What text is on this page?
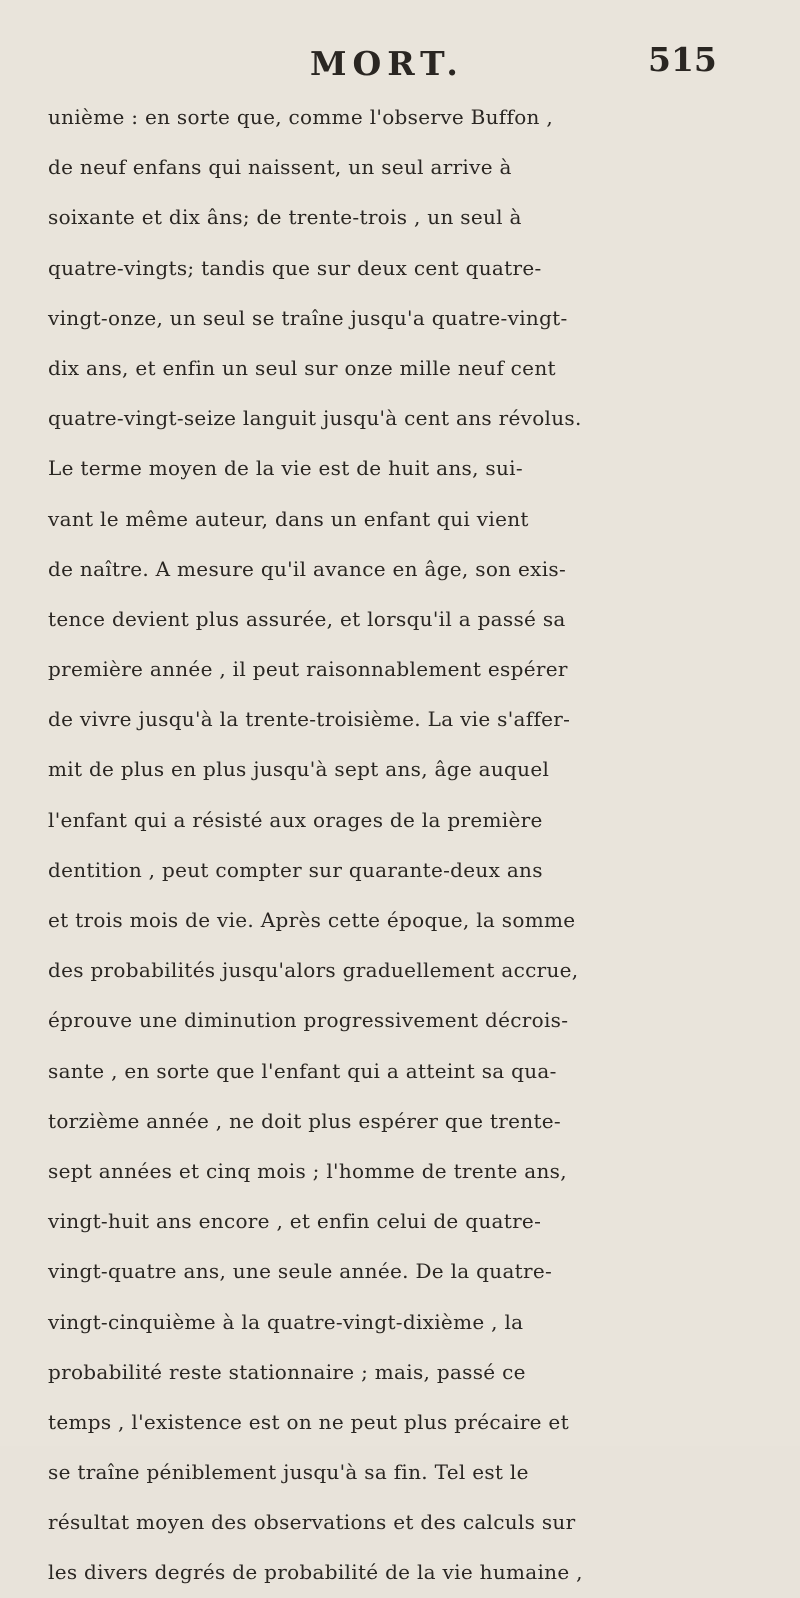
MORT.	515
unième : en sorte que, comme l'observe Buffon ,
de neuf enfans qui naissent, un seul arrive à
soixante et dix âns; de trente-trois , un seul à
quatre-vingts; tandis que sur deux cent quatre-
vingt-onze, un seul se traîne jusqu'a quatre-vingt-
dix ans, et enfin un seul sur onze mille neuf cent
quatre-vingt-seize languit jusqu'à cent ans révolus.
Le terme moyen de la vie est de huit ans, sui-
vant le même auteur, dans un enfant qui vient
de naître. A mesure qu'il avance en âge, son exis-
tence devient plus assurée, et lorsqu'il a passé sa
première année , il peut raisonnablement espérer
de vivre jusqu'à la trente-troisième. La vie s'affer-
mit de plus en plus jusqu'à sept ans, âge auquel
l'enfant qui a résisté aux orages de la première
dentition , peut compter sur quarante-deux ans
et trois mois de vie. Après cette époque, la somme
des probabilités jusqu'alors graduellement accrue,
éprouve une diminution progressivement décrois-
sante , en sorte que l'enfant qui a atteint sa qua-
torzième année , ne doit plus espérer que trente-
sept années et cinq mois ; l'homme de trente ans,
vingt-huit ans encore , et enfin celui de quatre-
vingt-quatre ans, une seule année. De la quatre-
vingt-cinquième à la quatre-vingt-dixième , la
probabilité reste stationnaire ; mais, passé ce
temps , l'existence est on ne peut plus précaire et
se traîne péniblement jusqu'à sa fin. Tel est le
résultat moyen des observations et des calculs sur
les divers degrés de probabilité de la vie humaine ,
